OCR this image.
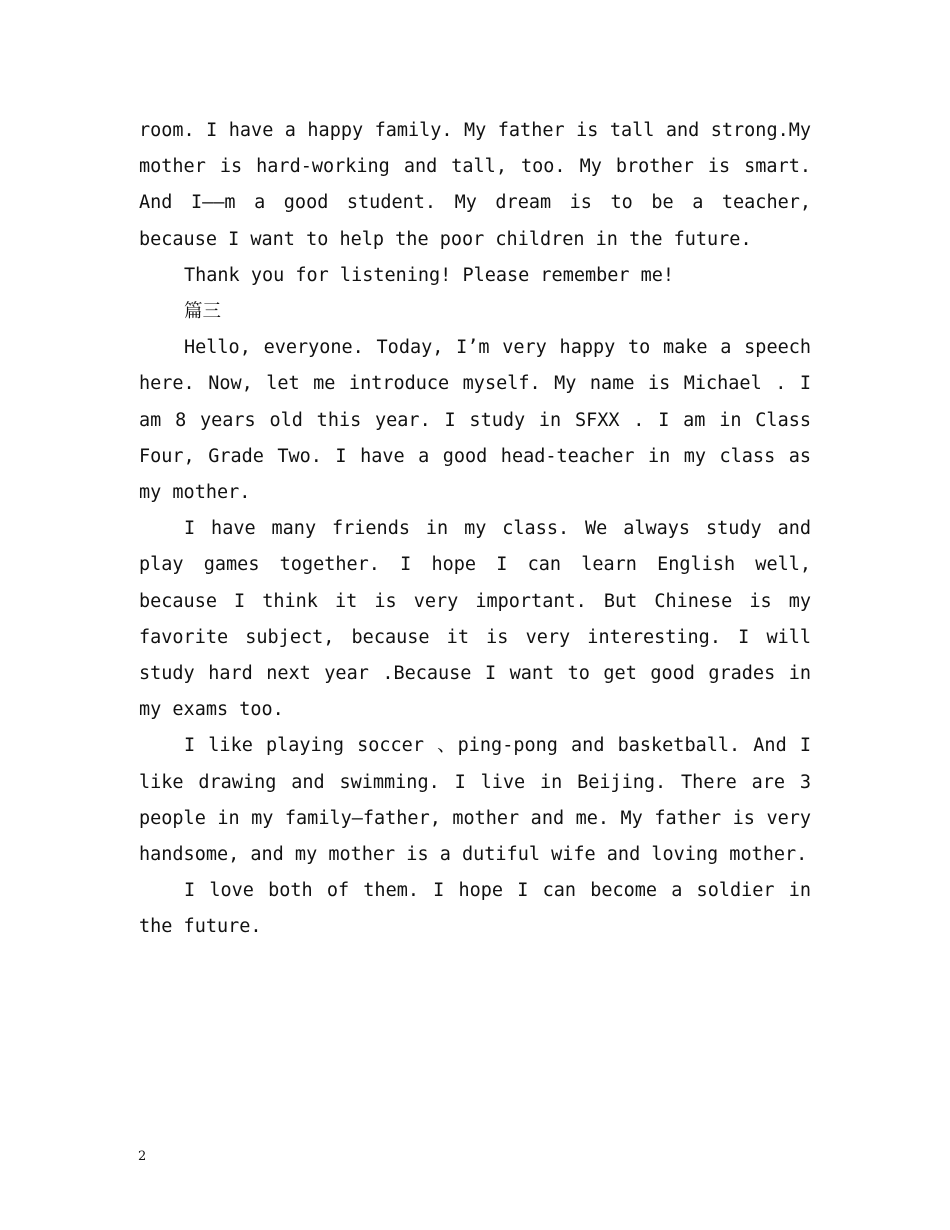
room. I have a happy family. My father is tall and strong.My mother is hard-working and tall, too. My brother is smart. And I——m a good student. My dream is to be a teacher, because I want to help the poor children in the future.

Thank you for listening! Please remember me!

篇三

Hello, everyone. Today, I’m very happy to make a speech here. Now, let me introduce myself. My name is Michael . I am 8 years old this year. I study in SFXX . I am in Class Four, Grade Two. I have a good head-teacher in my class as my mother.

I have many friends in my class. We always study and play games together. I hope I can learn English well, because I think it is very important. But Chinese is my favorite subject, because it is very interesting. I will study hard next year .Because I want to get good grades in my exams too.

I like playing soccer 、ping-pong and basketball. And I like drawing and swimming. I live in Beijing. There are 3 people in my family—father, mother and me. My father is very handsome, and my mother is a dutiful wife and loving mother.

I love both of them. I hope I can become a soldier in the future.

2
